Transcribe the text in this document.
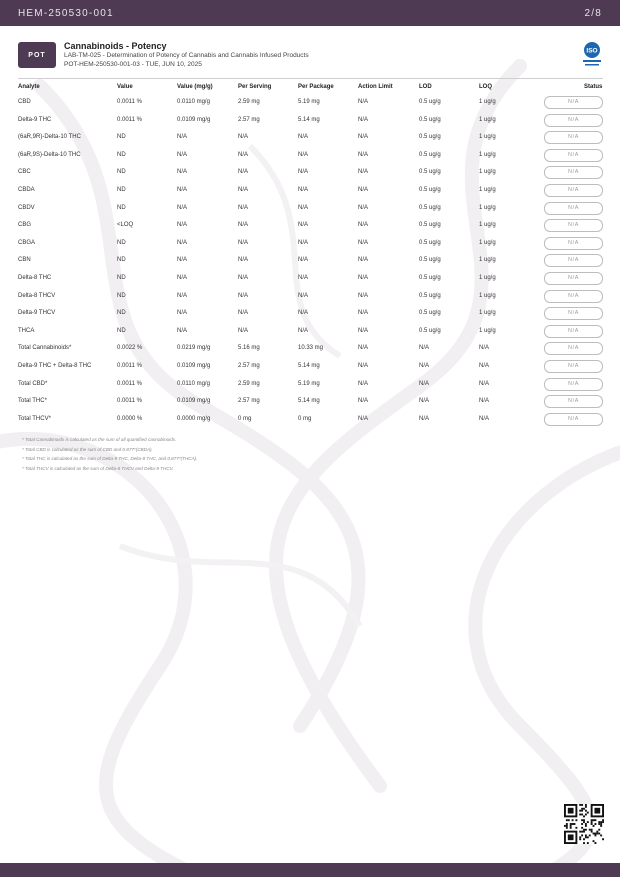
HEM-250530-001	2/8
POT
Cannabinoids - Potency
LAB-TM-025 - Determination of Potency of Cannabis and Cannabis Infused Products
POT-HEM-250530-001-03 - TUE, JUN 10, 2025
ISO
Analyte	Value	Value (mg/g)	Per Serving	Per Package	Action Limit	LOD	LOQ	Status
CBD	0.0011 %	0.0110 mg/g	2.59 mg	5.19 mg	N/A	0.5 ug/g	1 ug/g	N/A
Delta-9 THC	0.0011 %	0.0109 mg/g	2.57 mg	5.14 mg	N/A	0.5 ug/g	1 ug/g	N/A
(6aR,9R)-Delta-10 THC	ND	N/A	N/A	N/A	N/A	0.5 ug/g	1 ug/g	N/A
(6aR,9S)-Delta-10 THC	ND	N/A	N/A	N/A	N/A	0.5 ug/g	1 ug/g	N/A
CBC	ND	N/A	N/A	N/A	N/A	0.5 ug/g	1 ug/g	N/A
CBDA	ND	N/A	N/A	N/A	N/A	0.5 ug/g	1 ug/g	N/A
CBDV	ND	N/A	N/A	N/A	N/A	0.5 ug/g	1 ug/g	N/A
CBG	<LOQ	N/A	N/A	N/A	N/A	0.5 ug/g	1 ug/g	N/A
CBGA	ND	N/A	N/A	N/A	N/A	0.5 ug/g	1 ug/g	N/A
CBN	ND	N/A	N/A	N/A	N/A	0.5 ug/g	1 ug/g	N/A
Delta-8 THC	ND	N/A	N/A	N/A	N/A	0.5 ug/g	1 ug/g	N/A
Delta-8 THCV	ND	N/A	N/A	N/A	N/A	0.5 ug/g	1 ug/g	N/A
Delta-9 THCV	ND	N/A	N/A	N/A	N/A	0.5 ug/g	1 ug/g	N/A
THCA	ND	N/A	N/A	N/A	N/A	0.5 ug/g	1 ug/g	N/A
Total Cannabinoids*	0.0022 %	0.0219 mg/g	5.16 mg	10.33 mg	N/A	N/A	N/A	N/A
Delta-9 THC + Delta-8 THC	0.0011 %	0.0109 mg/g	2.57 mg	5.14 mg	N/A	N/A	N/A	N/A
Total CBD*	0.0011 %	0.0110 mg/g	2.59 mg	5.19 mg	N/A	N/A	N/A	N/A
Total THC*	0.0011 %	0.0109 mg/g	2.57 mg	5.14 mg	N/A	N/A	N/A	N/A
Total THCV*	0.0000 %	0.0000 mg/g	0 mg	0 mg	N/A	N/A	N/A	N/A
* Total Cannabinoids is calculated as the sum of all quantified cannabinoids.
* Total CBD is calculated as the sum of CBD and 0.877*(CBDA).
* Total THC is calculated as the sum of Delta-9 THC, Delta-8 THC, and 0.877*(THCA).
* Total THCV is calculated as the sum of Delta-8 THCV and Delta-9 THCV.
